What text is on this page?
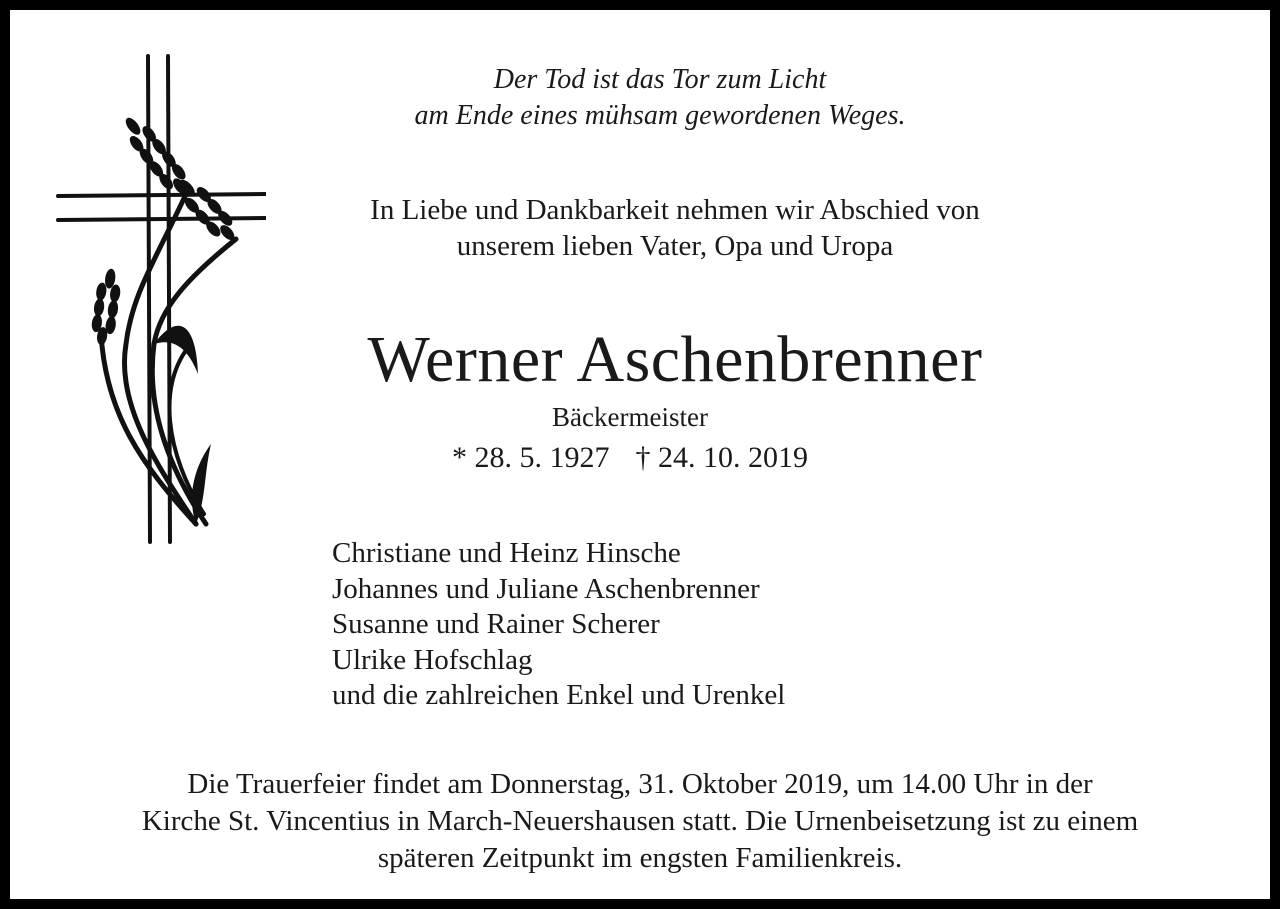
Der Tod ist das Tor zum Licht
am Ende eines mühsam gewordenen Weges.
In Liebe und Dankbarkeit nehmen wir Abschied von
unserem lieben Vater, Opa und Uropa
Werner Aschenbrenner
Bäckermeister
* 28. 5. 1927 † 24. 10. 2019
Christiane und Heinz Hinsche
Johannes und Juliane Aschenbrenner
Susanne und Rainer Scherer
Ulrike Hofschlag
und die zahlreichen Enkel und Urenkel
Die Trauerfeier findet am Donnerstag, 31. Oktober 2019, um 14.00 Uhr in der
Kirche St. Vincentius in March-Neuershausen statt. Die Urnenbeisetzung ist zu einem
späteren Zeitpunkt im engsten Familienkreis.
